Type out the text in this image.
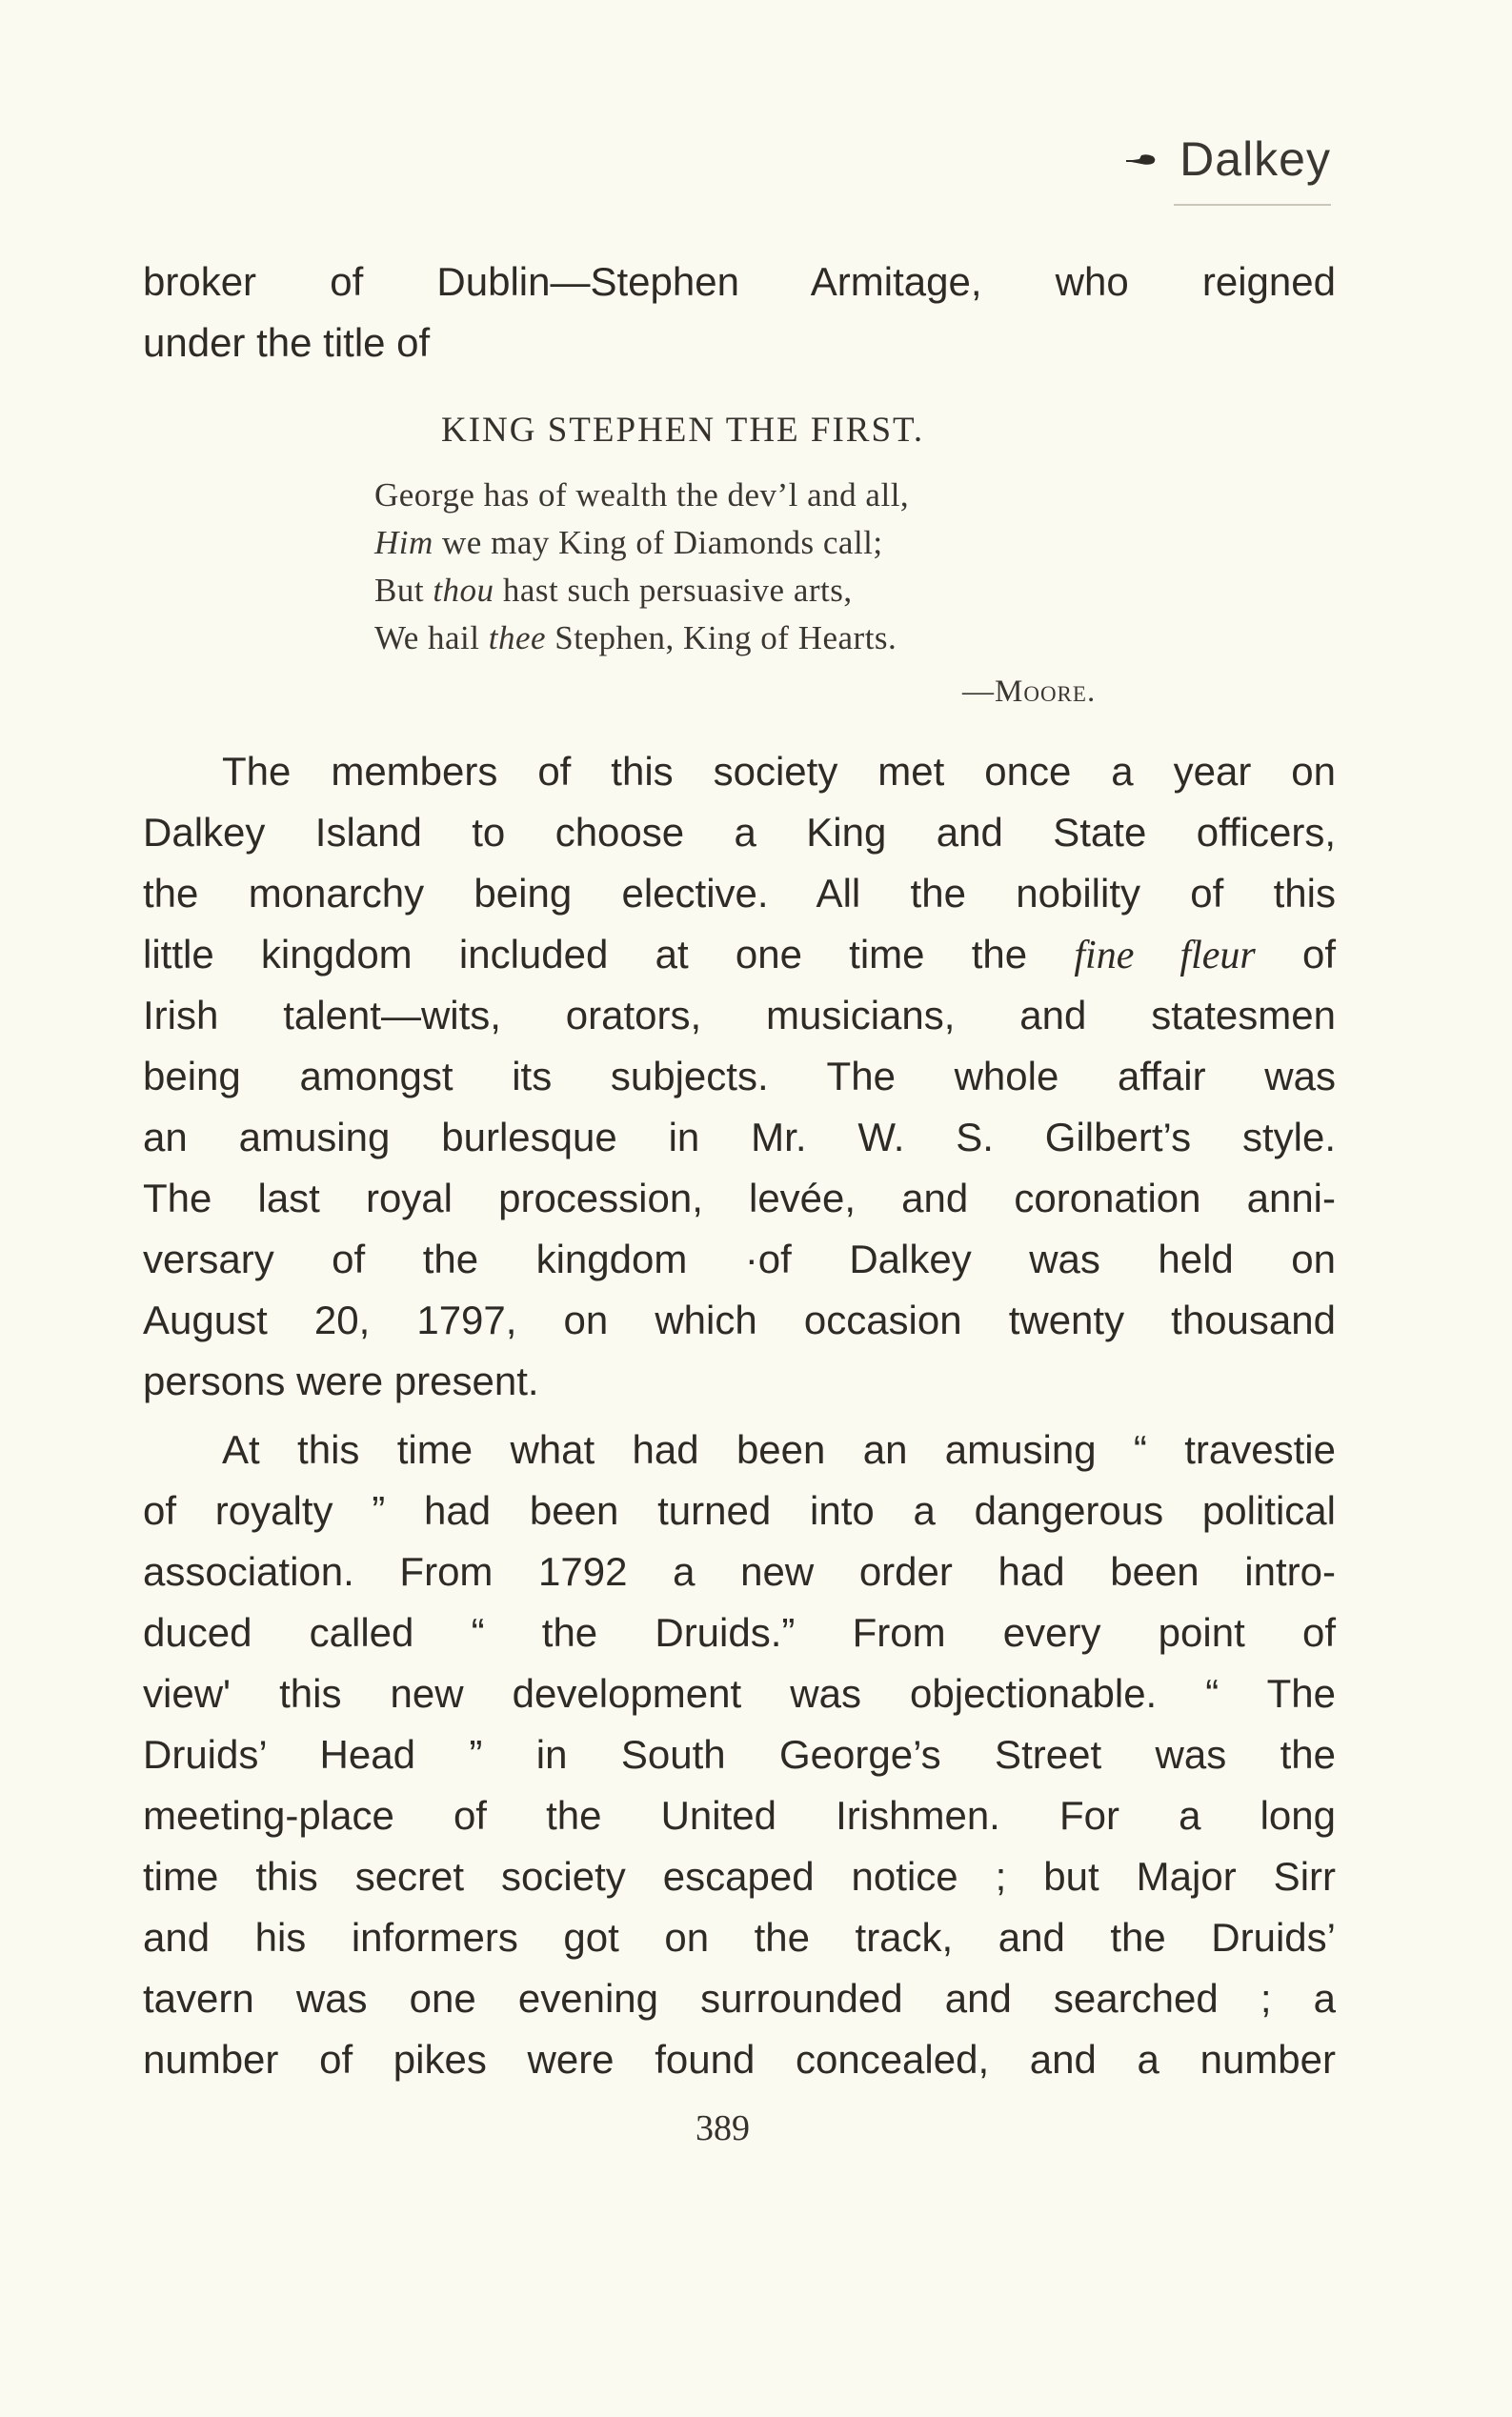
Dalkey
broker of Dublin—Stephen Armitage, who reigned
under the title of
KING STEPHEN THE FIRST.
George has of wealth the dev’l and all,
Him we may King of Diamonds call;
But thou hast such persuasive arts,
We hail thee Stephen, King of Hearts.
—Moore.
The members of this society met once a year on
Dalkey Island to choose a King and State officers,
the monarchy being elective. All the nobility of this
little kingdom included at one time the fine fleur of
Irish talent—wits, orators, musicians, and statesmen
being amongst its subjects. The whole affair was
an amusing burlesque in Mr. W. S. Gilbert’s style.
The last royal procession, levée, and coronation anni-
versary of the kingdom ·of Dalkey was held on
August 20, 1797, on which occasion twenty thousand
persons were present.
At this time what had been an amusing “ travestie
of royalty ” had been turned into a dangerous political
association. From 1792 a new order had been intro-
duced called “ the Druids.” From every point of
viewʹ this new development was objectionable. “ The
Druids’ Head ” in South George’s Street was the
meeting-place of the United Irishmen. For a long
time this secret society escaped notice ; but Major Sirr
and his informers got on the track, and the Druids’
tavern was one evening surrounded and searched ; a
number of pikes were found concealed, and a number
389
